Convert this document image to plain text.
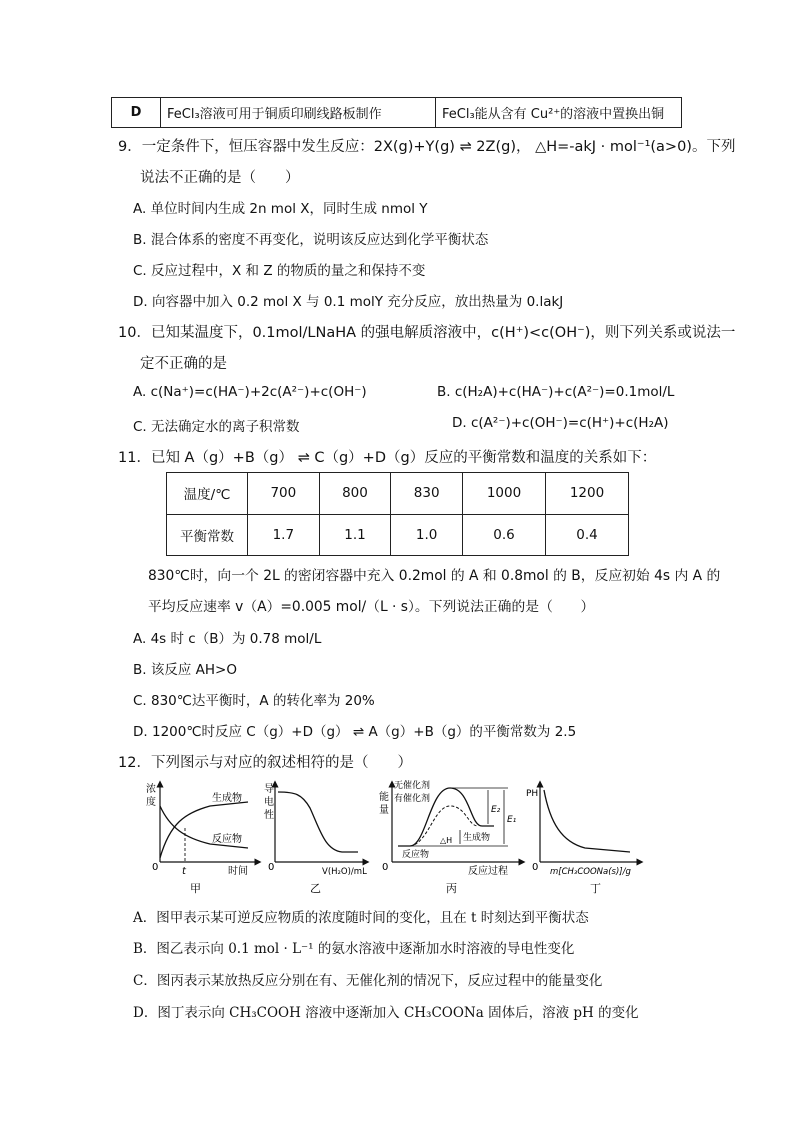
D	FeCl₃溶液可用于铜质印刷线路板制作	FeCl₃能从含有 Cu²⁺的溶液中置换出铜
9．一定条件下，恒压容器中发生反应：2X(g)+Y(g) ⇌ 2Z(g)， △H=-akJ · mol⁻¹(a>0)。下列
说法不正确的是（　　）
A. 单位时间内生成 2n mol X，同时生成 nmol Y
B. 混合体系的密度不再变化，说明该反应达到化学平衡状态
C. 反应过程中，X 和 Z 的物质的量之和保持不变
D. 向容器中加入 0.2 mol X 与 0.1 molY 充分反应，放出热量为 0.lakJ
10．已知某温度下，0.1mol/LNaHA 的强电解质溶液中，c(H⁺)<c(OH⁻)，则下列关系或说法一
定不正确的是
A. c(Na⁺)=c(HA⁻)+2c(A²⁻)+c(OH⁻)	B. c(H₂A)+c(HA⁻)+c(A²⁻)=0.1mol/L
C. 无法确定水的离子积常数	D. c(A²⁻)+c(OH⁻)=c(H⁺)+c(H₂A)
11．已知 A（g）+B（g） ⇌ C（g）+D（g）反应的平衡常数和温度的关系如下：
温度/℃	700	800	830	1000	1200
平衡常数	1.7	1.1	1.0	0.6	0.4
830℃时，向一个 2L 的密闭容器中充入 0.2mol 的 A 和 0.8mol 的 B，反应初始 4s 内 A 的
平均反应速率 v（A）=0.005 mol/（L · s）。下列说法正确的是（　　）
A. 4s 时 c（B）为 0.78 mol/L
B. 该反应 AH>O
C. 830℃达平衡时，A 的转化率为 20%
D. 1200℃时反应 C（g）+D（g） ⇌ A（g）+B（g）的平衡常数为 2.5
12．下列图示与对应的叙述相符的是（　　）
浓
度	生成物
反应物
0 t	时间
甲
导
电
性
0	V(H₂O)/mL
乙
能
量
无催化剂
有催化剂
E₂
E₁
△H 生成物
反应物
0	反应过程
丙
PH
0 m[CH₃COONa(s)]/g
丁
A．图甲表示某可逆反应物质的浓度随时间的变化，且在 t 时刻达到平衡状态
B．图乙表示向 0.1 mol · L⁻¹ 的氨水溶液中逐渐加水时溶液的导电性变化
C．图丙表示某放热反应分别在有、无催化剂的情况下，反应过程中的能量变化
D．图丁表示向 CH₃COOH 溶液中逐渐加入 CH₃COONa 固体后，溶液 pH 的变化
